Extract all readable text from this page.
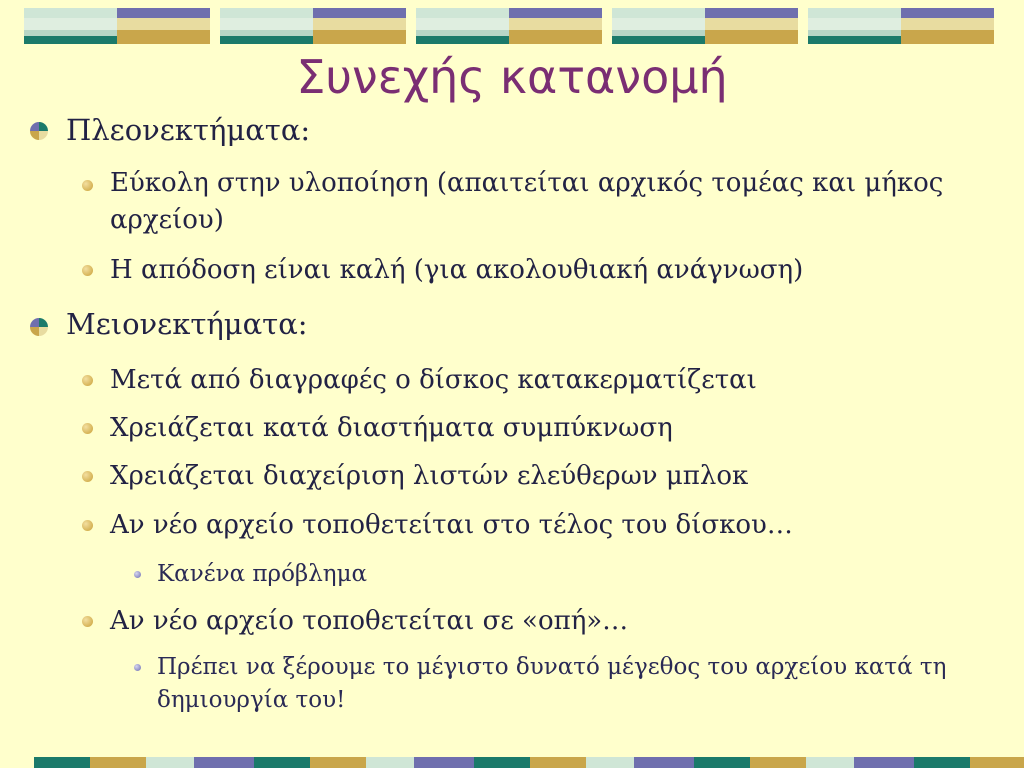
Συνεχής κατανομή
Πλεονεκτήματα:
Εύκολη στην υλοποίηση (απαιτείται αρχικός τομέας και μήκος αρχείου)
Η απόδοση είναι καλή (για ακολουθιακή ανάγνωση)
Μειονεκτήματα:
Μετά από διαγραφές ο δίσκος κατακερματίζεται
Χρειάζεται κατά διαστήματα συμπύκνωση
Χρειάζεται διαχείριση λιστών ελεύθερων μπλοκ
Αν νέο αρχείο τοποθετείται στο τέλος του δίσκου…
Κανένα πρόβλημα
Αν νέο αρχείο τοποθετείται σε «οπή»…
Πρέπει να ξέρουμε το μέγιστο δυνατό μέγεθος του αρχείου κατά τη δημιουργία του!
